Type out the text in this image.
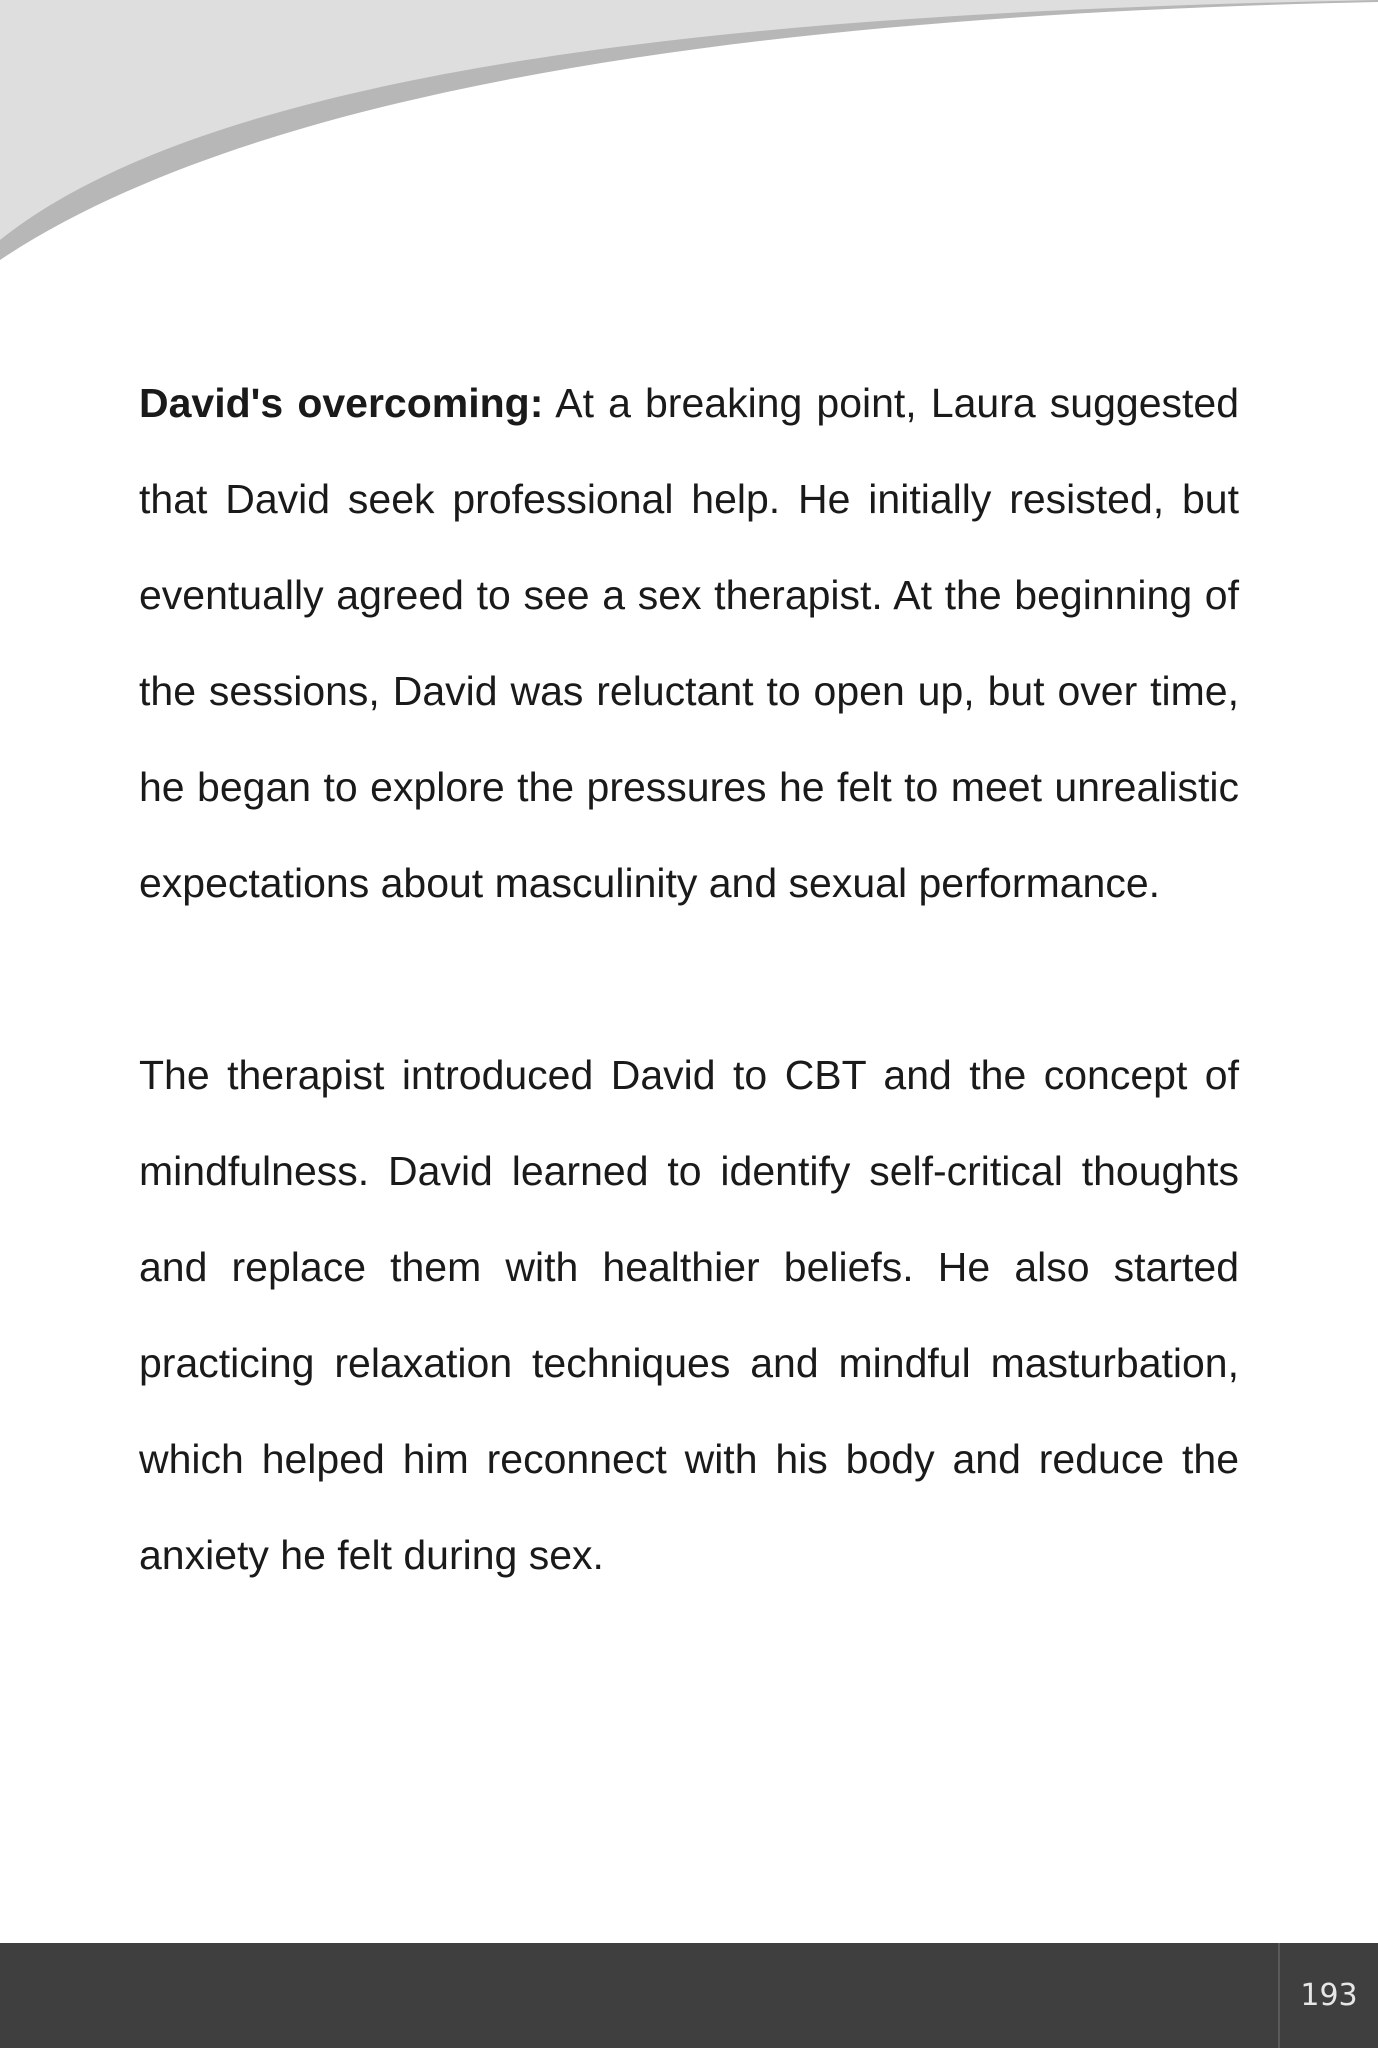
David's overcoming: At a breaking point, Laura suggested that David seek professional help. He initially resisted, but eventually agreed to see a sex therapist. At the beginning of the sessions, David was reluctant to open up, but over time, he began to explore the pressures he felt to meet unrealistic expectations about masculinity and sexual performance.

The therapist introduced David to CBT and the concept of mindfulness. David learned to identify self-critical thoughts and replace them with healthier beliefs. He also started practicing relaxation techniques and mindful masturbation, which helped him reconnect with his body and reduce the anxiety he felt during sex.

193
